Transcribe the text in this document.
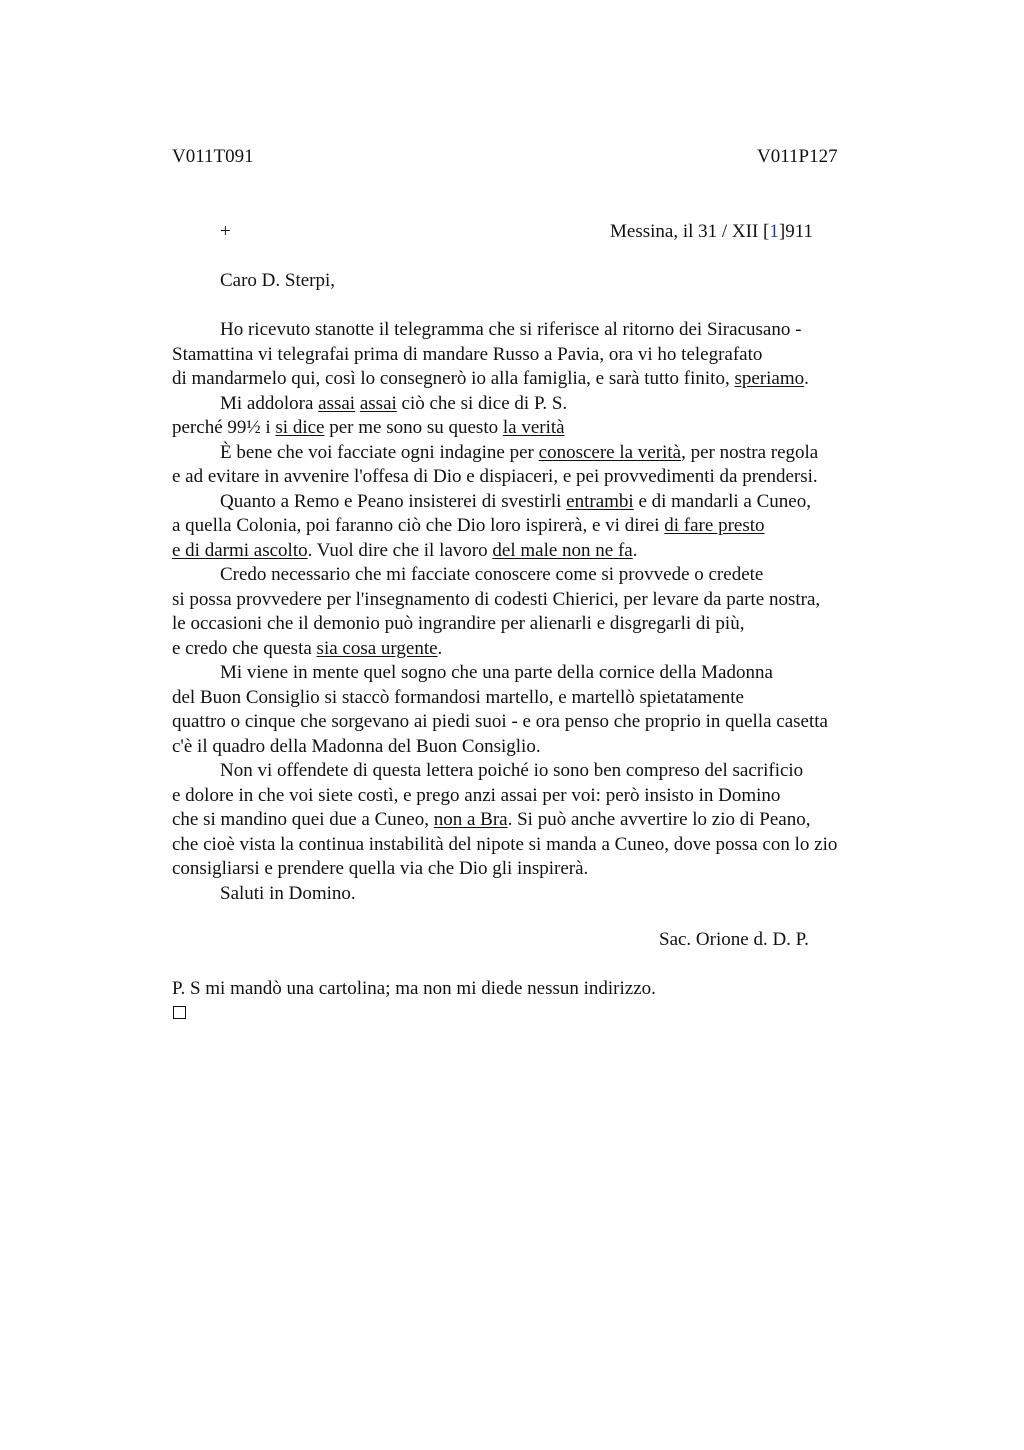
V011T091	V011P127
+	Messina, il 31 / XII [1]911
Caro D. Sterpi,
Ho ricevuto stanotte il telegramma che si riferisce al ritorno dei Siracusano -
Stamattina vi telegrafai prima di mandare Russo a Pavia, ora vi ho telegrafato
di mandarmelo qui, così lo consegnerò io alla famiglia, e sarà tutto finito, speriamo.
Mi addolora assai assai ciò che si dice di P. S.
perché 99½ i si dice per me sono su questo la verità
È bene che voi facciate ogni indagine per conoscere la verità, per nostra regola
e ad evitare in avvenire l'offesa di Dio e dispiaceri, e pei provvedimenti da prendersi.
Quanto a Remo e Peano insisterei di svestirli entrambi e di mandarli a Cuneo,
a quella Colonia, poi faranno ciò che Dio loro ispirerà, e vi direi di fare presto
e di darmi ascolto. Vuol dire che il lavoro del male non ne fa.
Credo necessario che mi facciate conoscere come si provvede o credete
si possa provvedere per l'insegnamento di codesti Chierici, per levare da parte nostra,
le occasioni che il demonio può ingrandire per alienarli e disgregarli di più,
e credo che questa sia cosa urgente.
Mi viene in mente quel sogno che una parte della cornice della Madonna
del Buon Consiglio si staccò formandosi martello, e martellò spietatamente
quattro o cinque che sorgevano ai piedi suoi - e ora penso che proprio in quella casetta
c'è il quadro della Madonna del Buon Consiglio.
Non vi offendete di questa lettera poiché io sono ben compreso del sacrificio
e dolore in che voi siete costì, e prego anzi assai per voi: però insisto in Domino
che si mandino quei due a Cuneo, non a Bra. Si può anche avvertire lo zio di Peano,
che cioè vista la continua instabilità del nipote si manda a Cuneo, dove possa con lo zio
consigliarsi e prendere quella via che Dio gli inspirerà.
Saluti in Domino.
Sac. Orione d. D. P.
P. S mi mandò una cartolina; ma non mi diede nessun indirizzo.
